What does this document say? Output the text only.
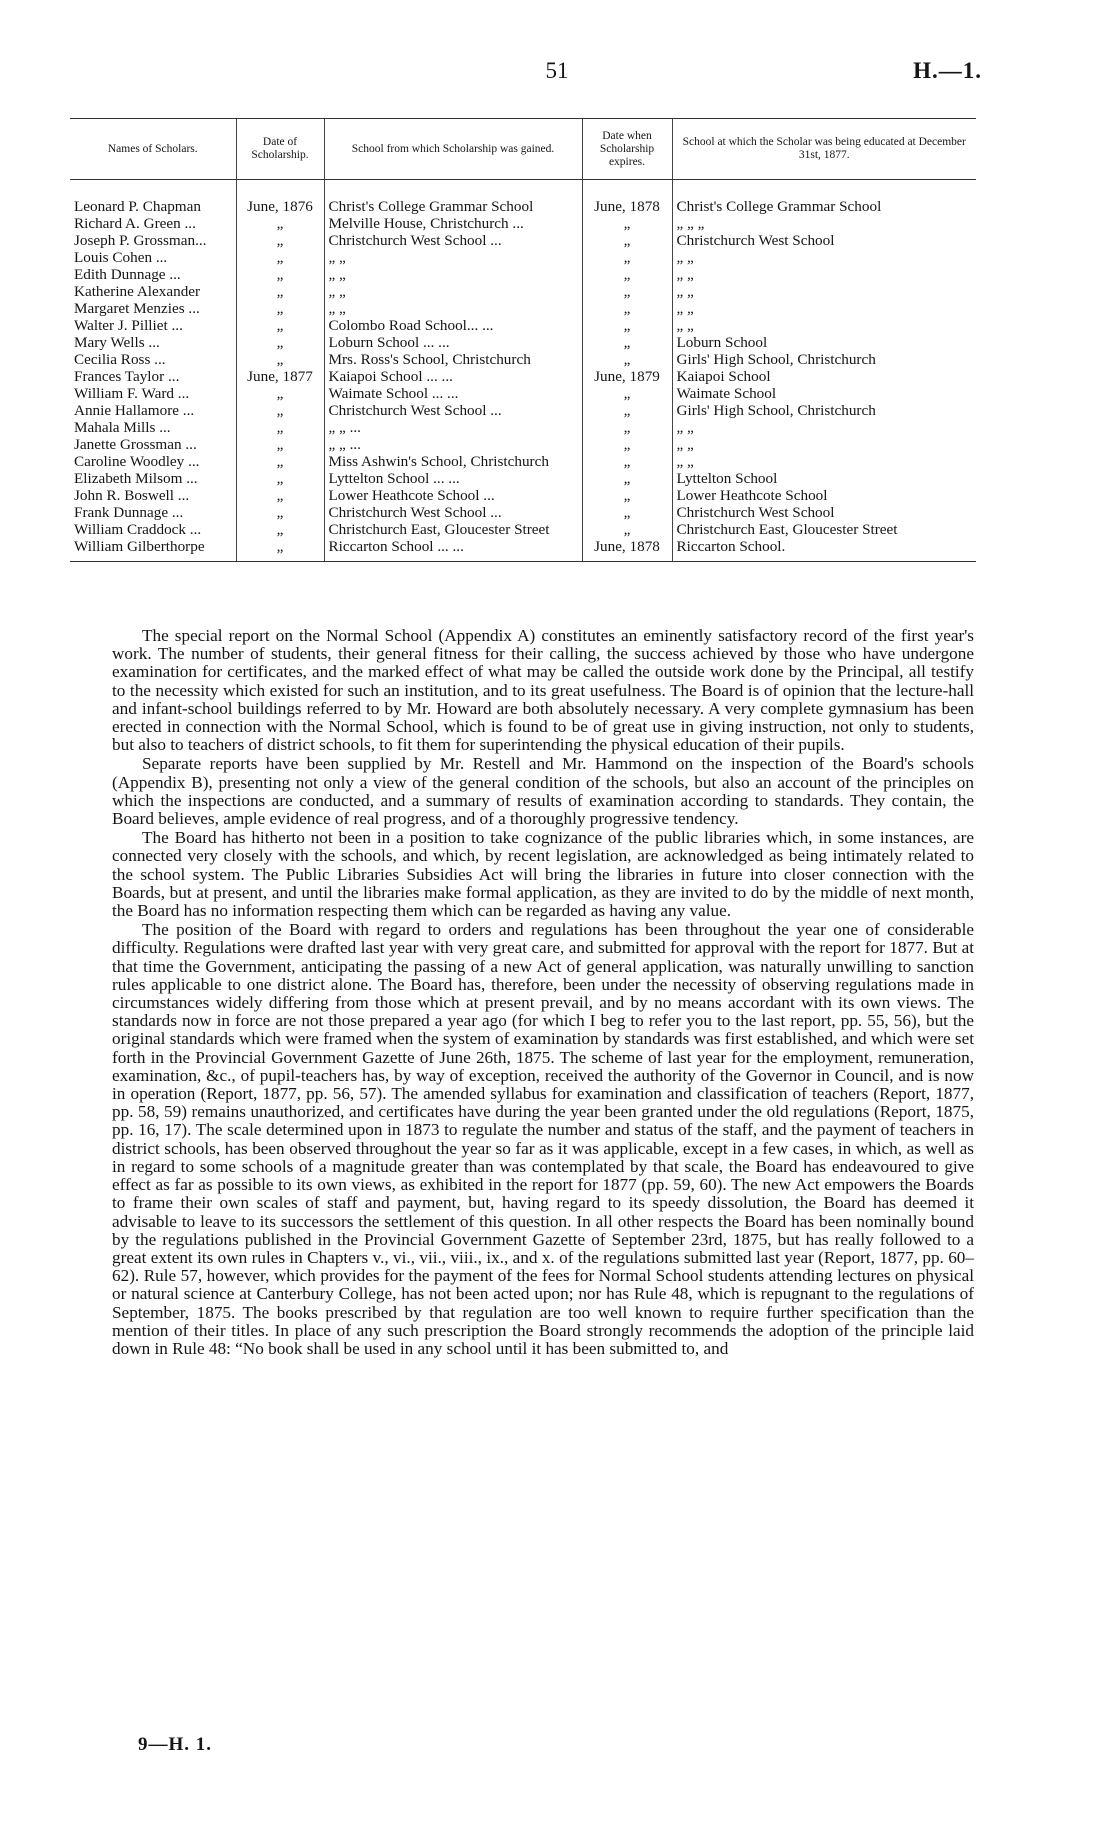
51	H.—1.
Names of Scholars.	Date of Scholarship.	School from which Scholarship was gained.	Date when Scholarship expires.	School at which the Scholar was being educated at December 31st, 1877.
Leonard P. Chapman	June, 1876	Christ's College Grammar School	June, 1878	Christ's College Grammar School
Richard A. Green ...	„	Melville House, Christchurch ...	„	„ „ „
Joseph P. Grossman...	„	Christchurch West School ...	„	Christchurch West School
Louis Cohen ...	„	„ „	„	„ „
Edith Dunnage ...	„	„ „	„	„ „
Katherine Alexander	„	„ „	„	„ „
Margaret Menzies ...	„	„ „	„	„ „
Walter J. Pilliet ...	„	Colombo Road School... ...	„	„ „
Mary Wells ...	„	Loburn School ... ...	„	Loburn School
Cecilia Ross ...	„	Mrs. Ross's School, Christchurch	„	Girls' High School, Christchurch
Frances Taylor ...	June, 1877	Kaiapoi School ... ...	June, 1879	Kaiapoi School
William F. Ward ...	„	Waimate School ... ...	„	Waimate School
Annie Hallamore ...	„	Christchurch West School ...	„	Girls' High School, Christchurch
Mahala Mills ...	„	„ „ ...	„	„ „
Janette Grossman ...	„	„ „ ...	„	„ „
Caroline Woodley ...	„	Miss Ashwin's School, Christchurch	„	„ „
Elizabeth Milsom ...	„	Lyttelton School ... ...	„	Lyttelton School
John R. Boswell ...	„	Lower Heathcote School ...	„	Lower Heathcote School
Frank Dunnage ...	„	Christchurch West School ...	„	Christchurch West School
William Craddock ...	„	Christchurch East, Gloucester Street	„	Christchurch East, Gloucester Street
William Gilberthorpe	„	Riccarton School ... ...	June, 1878	Riccarton School.

The special report on the Normal School (Appendix A) constitutes an eminently satisfactory record of the first year's work. The number of students, their general fitness for their calling, the success achieved by those who have undergone examination for certificates, and the marked effect of what may be called the outside work done by the Principal, all testify to the necessity which existed for such an institution, and to its great usefulness. The Board is of opinion that the lecture-hall and infant-school buildings referred to by Mr. Howard are both absolutely necessary. A very complete gymnasium has been erected in connection with the Normal School, which is found to be of great use in giving instruction, not only to students, but also to teachers of district schools, to fit them for superintending the physical education of their pupils.

Separate reports have been supplied by Mr. Restell and Mr. Hammond on the inspection of the Board's schools (Appendix B), presenting not only a view of the general condition of the schools, but also an account of the principles on which the inspections are conducted, and a summary of results of examination according to standards. They contain, the Board believes, ample evidence of real progress, and of a thoroughly progressive tendency.

The Board has hitherto not been in a position to take cognizance of the public libraries which, in some instances, are connected very closely with the schools, and which, by recent legislation, are acknowledged as being intimately related to the school system. The Public Libraries Subsidies Act will bring the libraries in future into closer connection with the Boards, but at present, and until the libraries make formal application, as they are invited to do by the middle of next month, the Board has no information respecting them which can be regarded as having any value.

The position of the Board with regard to orders and regulations has been throughout the year one of considerable difficulty. Regulations were drafted last year with very great care, and submitted for approval with the report for 1877. But at that time the Government, anticipating the passing of a new Act of general application, was naturally unwilling to sanction rules applicable to one district alone. The Board has, therefore, been under the necessity of observing regulations made in circumstances widely differing from those which at present prevail, and by no means accordant with its own views. The standards now in force are not those prepared a year ago (for which I beg to refer you to the last report, pp. 55, 56), but the original standards which were framed when the system of examination by standards was first established, and which were set forth in the Provincial Government Gazette of June 26th, 1875. The scheme of last year for the employment, remuneration, examination, &c., of pupil-teachers has, by way of exception, received the authority of the Governor in Council, and is now in operation (Report, 1877, pp. 56, 57). The amended syllabus for examination and classification of teachers (Report, 1877, pp. 58, 59) remains unauthorized, and certificates have during the year been granted under the old regulations (Report, 1875, pp. 16, 17). The scale determined upon in 1873 to regulate the number and status of the staff, and the payment of teachers in district schools, has been observed throughout the year so far as it was applicable, except in a few cases, in which, as well as in regard to some schools of a magnitude greater than was contemplated by that scale, the Board has endeavoured to give effect as far as possible to its own views, as exhibited in the report for 1877 (pp. 59, 60). The new Act empowers the Boards to frame their own scales of staff and payment, but, having regard to its speedy dissolution, the Board has deemed it advisable to leave to its successors the settlement of this question. In all other respects the Board has been nominally bound by the regulations published in the Provincial Government Gazette of September 23rd, 1875, but has really followed to a great extent its own rules in Chapters v., vi., vii., viii., ix., and x. of the regulations submitted last year (Report, 1877, pp. 60–62). Rule 57, however, which provides for the payment of the fees for Normal School students attending lectures on physical or natural science at Canterbury College, has not been acted upon; nor has Rule 48, which is repugnant to the regulations of September, 1875. The books prescribed by that regulation are too well known to require further specification than the mention of their titles. In place of any such prescription the Board strongly recommends the adoption of the principle laid down in Rule 48: “No book shall be used in any school until it has been submitted to, and

9—H. 1.
